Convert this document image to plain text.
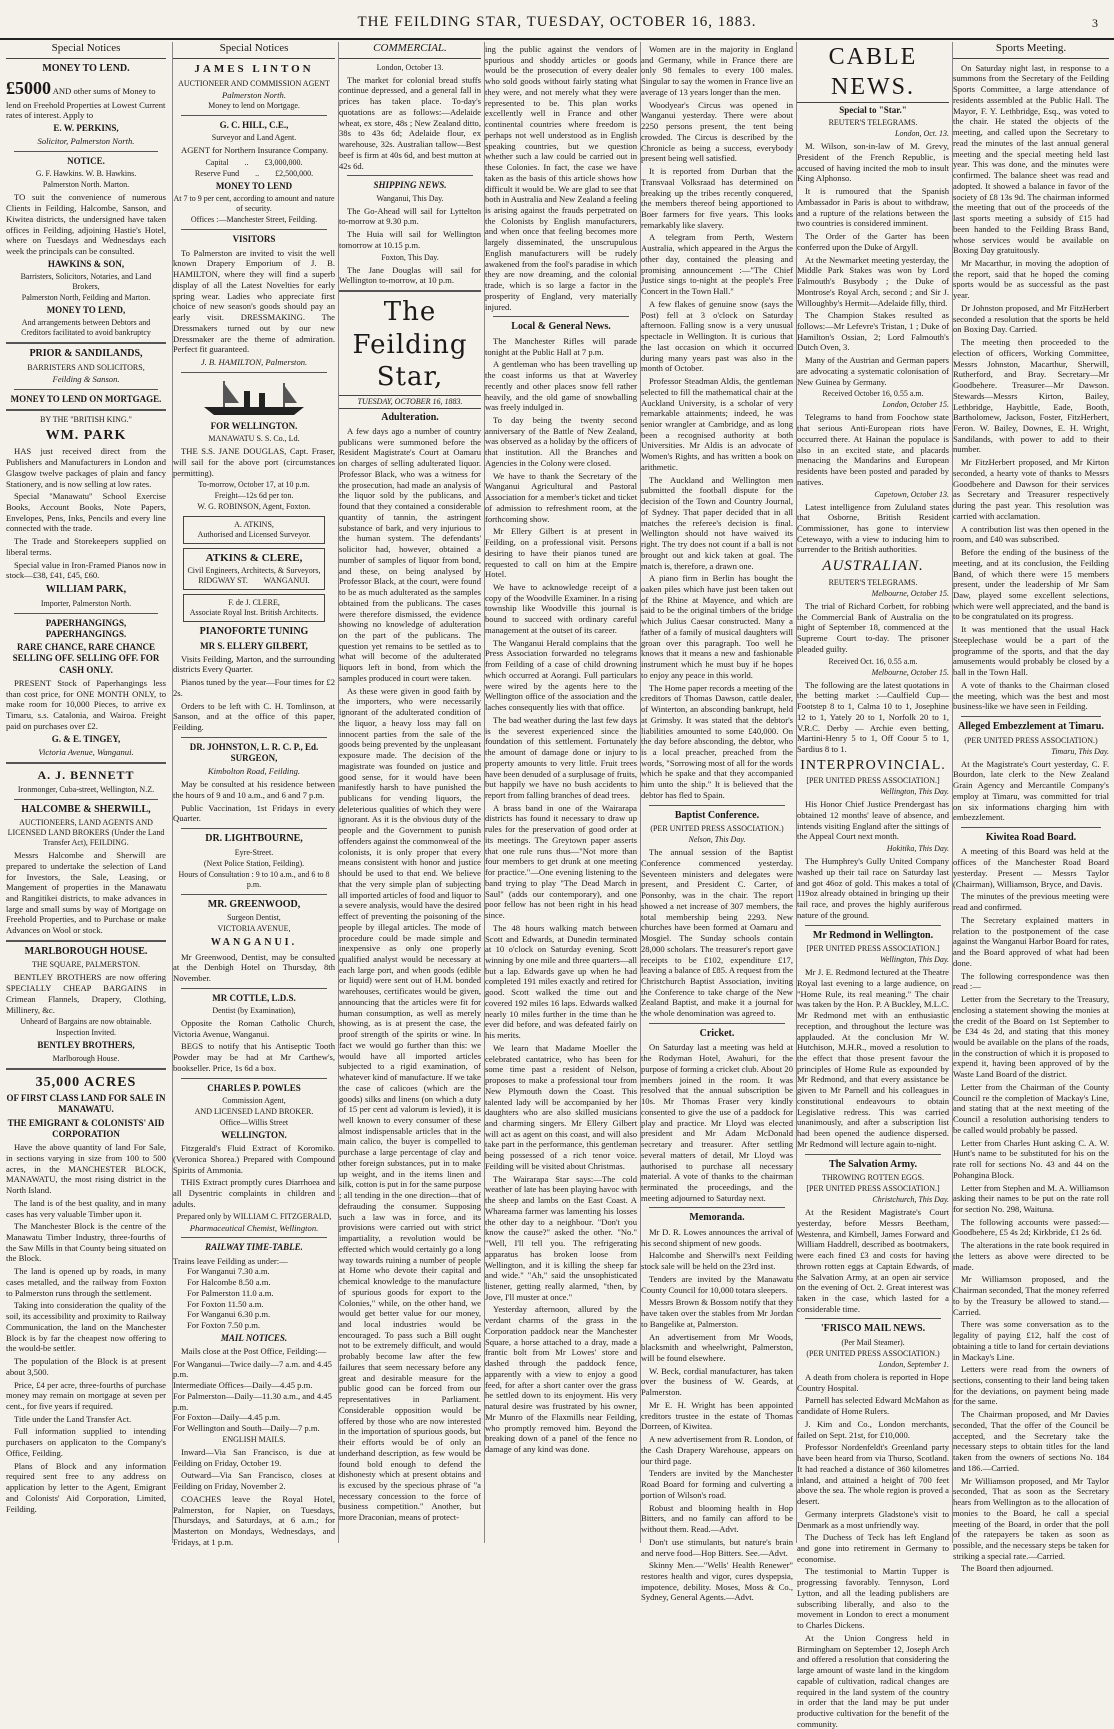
THE FEILDING STAR, TUESDAY, OCTOBER 16, 1883.	3
Special Notices
MONEY TO LEND.
£5000 AND other sums of Money to lend on Freehold Properties at Lowest Current rates of interest. Apply to
E. W. PERKINS,
Solicitor, Palmerston North.
NOTICE.
G. F. Hawkins. W. B. Hawkins.
Palmerston North. Marton.

TO suit the convenience of numerous Clients in Feilding, Halcombe, Sanson, and Kiwitea districts, the undersigned have taken offices in Feilding, adjoining Hastie's Hotel, where on Tuesdays and Wednesdays each week the principals can be consulted.

HAWKINS & SON,
Barristers, Solicitors, Notaries, and Land Brokers,
Palmerston North, Feilding and Marton.
MONEY TO LEND,
And arrangements between Debtors and Creditors facilitated to avoid bankruptcy
PRIOR & SANDILANDS,
BARRISTERS AND SOLICITORS,
Feilding & Sanson.
MONEY TO LEND ON MORTGAGE.
BY THE "BRITISH KING."
WM. PARK

HAS just received direct from the Publishers and Manufacturers in London and Glasgow twelve packages of plain and fancy Stationery, and is now selling at low rates.

Special "Manawatu" School Exercise Books, Account Books, Note Papers, Envelopes, Pens, Inks, Pencils and every line connected with the trade.

The Trade and Storekeepers supplied on liberal terms.

Special value in Iron-Framed Pianos now in stock—£38, £41, £45, £60.

WILLIAM PARK,
Importer, Palmerston North.
PAPERHANGINGS, PAPERHANGINGS.
RARE CHANCE, RARE CHANCE SELLING OFF. SELLING OFF. FOR CASH ONLY.

PRESENT Stock of Paperhangings less than cost price, for ONE MONTH ONLY, to make room for 10,000 Pieces, to arrive ex Timaru, s.s. Catalonia, and Wairoa. Freight paid on purchases over £2.

G. & E. TINGEY,
Victoria Avenue, Wanganui.
A. J. BENNETT
Ironmonger, Cuba-street, Wellington, N.Z.
HALCOMBE & SHERWILL,
AUCTIONEERS, LAND AGENTS AND LICENSED LAND BROKERS (Under the Land Transfer Act), FEILDING.

Messrs Halcombe and Sherwill are prepared to undertake the selection of Land for Investors, the Sale, Leasing, or Mangement of properties in the Manawatu and Rangitikei districts, to make advances in large and small sums by way of Mortgage on Freehold Properties, and to Purchase or make Advances on Wool or stock.

MARLBOROUGH HOUSE.
THE SQUARE, PALMERSTON.

BENTLEY BROTHERS are now offering SPECIALLY CHEAP BARGAINS in Crimean Flannels, Drapery, Clothing, Millinery, &c.

Unheard of Bargains are now obtainable.
Inspection Invited.
BENTLEY BROTHERS,
Marlborough House.
35,000 ACRES
OF FIRST CLASS LAND FOR SALE IN MANAWATU.
THE EMIGRANT & COLONISTS' AID CORPORATION

Have the above quantity of land For Sale, in sections varying in size from 100 to 500 acres, in the MANCHESTER BLOCK, MANAWATU, the most rising district in the North Island.

The land is of the best quality, and in many cases has very valuable Timber upon it.

The Manchester Block is the centre of the Manawatu Timber Industry, three-fourths of the Saw Mills in that County being situated on the Block.

The land is opened up by roads, in many cases metalled, and the railway from Foxton to Palmerston runs through the settlement.

Taking into consideration the quality of the soil, its accessibility and proximity to Railway Communication, the land on the Manchester Block is by far the cheapest now offering to the would-be settler.

The population of the Block is at present about 3,500.

Price, £4 per acre, three-fourths of purchase money may remain on mortgage at seven per cent., for five years if required.

Title under the Land Transfer Act.

Full information supplied to intending purchasers on applicaton to the Company's Office, Feilding.

Plans of Block and any information required sent free to any address on application by letter to the Agent, Emigrant and Colonists' Aid Corporation, Limited, Feilding.

Special Notices
JAMES LINTON
AUCTIONEER AND COMMISSION AGENT
Palmerston North.
Money to lend on Mortgage.
G. C. HILL, C.E.,
Surveyor and Land Agent.

AGENT for Northern Insurance Company.

Capital        ..        £3,000,000.
Reserve Fund        ..        £2,500,000.
MONEY TO LEND
At 7 to 9 per cent, according to amount and nature of security.
Offices :—Manchester Street, Feilding.
VISITORS

To Palmerston are invited to visit the well known Drapery Emporium of J. B. HAMILTON, where they will find a superb display of all the Latest Novelties for early spring wear. Ladies who appreciate first choice of new season's goods should pay an early visit. DRESSMAKING. The Dressmakers turned out by our new Dressmaker are the theme of admiration. Perfect fit guaranteed.

J. B. HAMILTON, Palmerston.
FOR WELLINGTON.
MANAWATU S. S. Co., Ld.

THE S.S. JANE DOUGLAS, Capt. Fraser, will sail for the above port (circumstances permitting).

To-morrow, October 17, at 10 p.m.
Freight—12s 6d per ton.
W. G. ROBINSON, Agent, Foxton.
A. ATKINS,
Authorised and Licensed Surveyor.
ATKINS & CLERE,
Civil Engineers, Architects, & Surveyors,
RIDGWAY ST.        WANGANUI.
F. de J. CLERE,
Associate Royal Inst. British Architects.
PIANOFORTE TUNING
MR S. ELLERY GILBERT,

Visits Feilding, Marton, and the surrounding districts Every Quarter.

Pianos tuned by the year—Four times for £2 2s.

Orders to be left with C. H. Tomlinson, at Sanson, and at the office of this paper, Feilding.

DR. JOHNSTON, L. R. C. P., Ed. SURGEON,
Kimbolton Road, Feilding.

May be consulted at his residence between the hours of 9 and 10 a.m., and 6 and 7 p.m.

Public Vaccination, 1st Fridays in every Quarter.

DR. LIGHTBOURNE,
Eyre-Street.
(Next Police Station, Feilding).
Hours of Consultation : 9 to 10 a.m., and 6 to 8 p.m.
MR. GREENWOOD,
Surgeon Dentist,
VICTORIA AVENUE,
WANGANUI.

Mr Greenwood, Dentist, may be consulted at the Denbigh Hotel on Thursday, 8th November.

MR COTTLE, L.D.S.
Dentist (by Examination),

Opposite the Roman Catholic Church, Victoria Avenue, Wanganui.

BEGS to notify that his Antiseptic Tooth Powder may be had at Mr Carthew's, bookseller. Price, 1s 6d a box.

CHARLES P. POWLES
Commission Agent,
AND LICENSED LAND BROKER.
Office—Willis Street
WELLINGTON.

Fitzgerald's Fluid Extract of Koromiko. (Veronica Shorea.) Prepared with Compound Spirits of Ammonia.

THIS Extract promptly cures Diarrhoea and all Dysentric complaints in children and adults.

Prepared only by WILLIAM C. FITZGERALD,
Pharmaceutical Chemist, Wellington.
RAILWAY TIME-TABLE.
Trains leave Feilding as under:—
For Wanganui 7.30 a.m.
For Halcombe 8.50 a.m.
For Palmerston 11.0 a.m.
For Foxton 11.50 a.m.
For Wanganui 6.30 p.m.
For Foxton 7.50 p.m.
MAIL NOTICES.

Mails close at the Post Office, Feilding:—

For Wanganui—Twice daily—7 a.m. and 4.45 p.m.
Intermediate Offices—Daily—4.45 p.m.
For Palmerston—Daily—11.30 a.m., and 4.45 p.m.
For Foxton—Daily—4.45 p.m.
For Wellington and South—Daily—7 p.m.
ENGLISH MAILS.

Inward—Via San Francisco, is due at Feilding on Friday, October 19.

Outward—Via San Francisco, closes at Feilding on Friday, November 2.

COACHES leave the Royal Hotel, Palmerston, for Napier, on Tuesdays, Thursdays, and Saturdays, at 6 a.m.; for Masterton on Mondays, Wednesdays, and Fridays, at 1 p.m.

COMMERCIAL.
London, October 13.

The market for colonial bread stuffs continue depressed, and a general fall in prices has taken place. To-day's quotations are as follows:—Adelaide wheat, ex store, 48s ; New Zealand ditto, 38s to 43s 6d; Adelaide flour, ex warehouse, 32s. Australian tallow—Best beef is firm at 40s 6d, and best mutton at 42s 6d.

SHIPPING NEWS.
Wanganui, This Day.

The Go-Ahead will sail for Lyttelton to-morrow at 9.30 p.m.

The Huia will sail for Wellington tomorrow at 10.15 p.m.

Foxton, This Day.

The Jane Douglas will sail for Wellington to-morrow, at 10 p.m.

The Feilding Star,
TUESDAY, OCTOBER 16, 1883.
Adulteration.

A few days ago a number of country publicans were summoned before the Resident Magistrate's Court at Oamaru on charges of selling adulterated liquor. Professor Black, who was a witness for the prosecution, had made an analysis of the liquor sold by the publicans, and found that they contained a considerable quantity of tannin, the astringent substance of bark, and very injurious to the human system. The defendants' solicitor had, however, obtained a number of samples of liquor from bond, and these, on being analysed by Professor Black, at the court, were found to be as much adulterated as the samples obtained from the publicans. The cases were therefore dismissed, the evidence showing no knowledge of adulteration on the part of the publicans. The question yet remains to be settled as to what will become of the adulterated liquors left in bond, from which the samples produced in court were taken.

As these were given in good faith by the importers, who were necessarily ignorant of the adulterated condition of the liquor, a heavy loss may fall on innocent parties from the sale of the goods being prevented by the unpleasant exposure made. The decision of the magistrate was founded on justice and good sense, for it would have been manifestly harsh to have punished the publicans for vending liquors, the deleterious qualities of which they were ignorant. As it is the obvious duty of the people and the Government to punish offenders against the commonweal of the colonists, it is only proper that every means consistent with honor and justice should be used to that end. We believe that the very simple plan of subjecting all imported articles of food and liquor to a severe analysis, would have the desired effect of preventing the poisoning of the people by illegal articles. The mode of procedure could be made simple and inexpensive as only one properly qualified analyst would be necessary at each large port, and when goods (edible or liquid) were sent out of H.M. bonded warehouses, certificates would be given, announcing that the articles were fit for human consumption, as well as merely showing, as is at present the case, the proof strength of the spirits or wine. In fact we would go further than this: we would have all imported articles subjected to a rigid examination, of whatever kind of manufacture. If we take the case of calicoes (which are the goods) silks and linens (on which a duty of 15 per cent ad valorum is levied), it is well known to every consumer of these almost indispensable articles that in the main calico, the buyer is compelled to purchase a large percentage of clay and other foreign substances, put in to make up weight, and in the items linen and silk, cotton is put in for the same purpose ; all tending in the one direction—that of defrauding the consumer. Supposing such a law was in force, and its provisions were carried out with strict impartiality, a revolution would be effected which would certainly go a long way towards ruining a number of people at Home who devote their capital and chemical knowledge to the manufacture of spurious goods for export to the Colonies," while, on the other hand, we would get better value for our money, and local industries would be encouraged. To pass such a Bill ought not to be extremely difficult, and would probably become law after the few failures that seem necessary before any great and desirable measure for the public good can be forced from our representatives in Parliament. Considerable opposition would be offered by those who are now interested in the importation of spurious goods, but their efforts would be of only an underhand description, as few would be found bold enough to defend the dishonesty which at present obtains and is excused by the specious phrase of "a necessary concession to the force of business competition." Another, but more Draconian, means of protect-

ing the public against the vendors of spurious and shoddy articles or goods would be the prosecution of every dealer who sold goods without fairly stating what they were, and not merely what they were represented to be. This plan works excellently well in France and other continental countries where freedom is perhaps not well understood as in English speaking countries, but we question whether such a law could be carried out in these Colonies. In fact, the case we have taken as the basis of this article shows how difficult it would be. We are glad to see that both in Australia and New Zealand a feeling is arising against the frauds perpetrated on the Colonists by English manufacturers, and when once that feeling becomes more largely disseminated, the unscrupulous English manufacturers will be rudely awakened from the fool's paradise in which they are now dreaming, and the colonial trade, which is so large a factor in the prosperity of England, very materially injured.

Local & General News.

The Manchester Rifles will parade tonight at the Public Hall at 7 p.m.

A gentleman who has been travelling up the coast informs us that at Waverley recently and other places snow fell rather heavily, and the old game of snowballing was freely indulged in.

To day being the twenty second anniversary of the Battle of New Zealand, was observed as a holiday by the officers of that institution. All the Branches and Agencies in the Colony were closed.

We have to thank the Secretary of the Wanganui Agricultural and Pastoral Association for a member's ticket and ticket of admission to refreshment room, at the forthcoming show.

Mr Ellery Gilbert is at present in Feilding, on a professional visit. Persons desiring to have their pianos tuned are requested to call on him at the Empire Hotel.

We have to acknowledge receipt of a copy of the Woodville Examiner. In a rising township like Woodville this journal is bound to succeed with ordinary careful management at the outset of its career.

The Wanganui Herald complains that the Press Association forwarded no telegrams from Feilding of a case of child drowning which occurred at Aorangi. Full particulars were wired by the agents here to the Wellington office of the association and the laches consequently lies with that office.

The bad weather during the last few days is the severest experienced since the foundation of this settlement. Fortunately the amount of damage done or injury to property amounts to very little. Fruit trees have been denuded of a surplusage of fruits, but happily we have no bush accidents to report from falling branches of dead trees.

A brass band in one of the Wairarapa districts has found it necessary to draw up rules for the preservation of good order at its meetings. The Greytown paper asserts that one rule runs thus—"Not more than four members to get drunk at one meeting for practice."—One evening listening to the band trying to play "The Dead March in Saul" (adds our contemporary), and one poor fellow has not been right in his head since.

The 48 hours walking match between Scott and Edwards, at Dunedin terminated at 10 o'clock on Saturday evening. Scott winning by one mile and three quarters—all but a lap. Edwards gave up when he had completed 191 miles exactly and retired for good. Scott walked the time out and covered 192 miles 16 laps. Edwards walked nearly 10 miles further in the time than he ever did before, and was defeated fairly on his merits.

We learn that Madame Moeller the celebrated cantatrice, who has been for some time past a resident of Nelson, proposes to make a professional tour from New Plymouth down the Coast. This talented lady will be accompanied by her daughters who are also skilled musicians and charming singers. Mr Ellery Gilbert will act as agent on this coast, and will also take part in the performance, this gentleman being possessed of a rich tenor voice. Feilding will be visited about Christmas.

The Wairarapa Star says:—The cold weather of late has been playing havoc with the sheep and lambs on the East Coast. A Whareama farmer was lamenting his losses the other day to a neighbour. "Don't you know the cause?" asked the other. "No." "Well, I'll tell you. The refrigerating apparatus has broken loose from Wellington, and it is killing the sheep far and wide." "Ah," said the unsophisticated listener, getting really alarmed, "then, by Jove, I'll muster at once."

Yesterday afternoon, allured by the verdant charms of the grass in the Corporation paddock near the Manchester Square, a horse attached to a dray, made a frantic bolt from Mr Lowes' store and dashed through the paddock fence, apparently with a view to enjoy a good feed, for after a short canter over the grass he settled down to its enjoyment. His very natural desire was frustrated by his owner, Mr Munro of the Flaxmills near Feilding, who promptly removed him. Beyond the breaking down of a panel of the fence no damage of any kind was done.

Women are in the majority in England and Germany, while in France there are only 98 females to every 100 males. Singular to say the women in France live an average of 13 years longer than the men.

Woodyear's Circus was opened in Wanganui yesterday. There were about 2250 persons present, the tent being crowded. The Circus is described by the Chronicle as being a success, everybody present being well satisfied.

It is reported from Durban that the Transvaal Volksraad has determined on breaking up the tribes recently conquered, the members thereof being apportioned to Boer farmers for five years. This looks remarkably like slavery.

A telegram from Perth, Western Australia, which appeared in the Argus the other day, contained the pleasing and promising announcement :—"The Chief Justice sings to-night at the people's Free Concert in the Town Hall."

A few flakes of genuine snow (says the Post) fell at 3 o'clock on Saturday afternoon. Falling snow is a very unusual spectacle in Wellington. It is curious that the last occasion on which it occurred during many years past was also in the month of October.

Professor Steadman Aldis, the gentleman selected to fill the mathematical chair at the Auckland University, is a scholar of very remarkable attainments; indeed, he was senior wrangler at Cambridge, and as long been a recognised authority at both Universities. Mr Aldis is an advocate of Women's Rights, and has written a book on arithmetic.

The Auckland and Wellington men submitted the football dispute for the decision of the Town and Country Journal, of Sydney. That paper decided that in all matches the referee's decision is final. Wellington should not have waived its right. The try does not count if a ball is not brought out and kick taken at goal. The match is, therefore, a drawn one.

A piano firm in Berlin has bought the oaken piles which have just been taken out of the Rhine at Mayence, and which are said to be the original timbers of the bridge which Julius Caesar constructed. Many a father of a family of musical daughters will groan over this paragraph. Too well he knows that it means a new and fashionable instrument which he must buy if he hopes to enjoy any peace in this world.

The Home paper records a meeting of the creditors of Thomas Dawson, cattle dealer, of Winterton, an absconding bankrupt, held at Grimsby. It was stated that the debtor's liabilities amounted to some £40,000. On the day before absconding, the debtor, who is a local preacher, preached from the words, "Sorrowing most of all for the words which he spake and that they accompanied him unto the ship." It is believed that the debtor has fled to Spain.

Baptist Conference.
(PER UNITED PRESS ASSOCIATION.)
Nelson, This Day.

The annual session of the Baptist Conference commenced yesterday. Seventeen ministers and delegates were present, and President C. Carter, of Ponsonby, was in the chair. The report showed a net increase of 307 members, the total membership being 2293. New churches have been formed at Oamaru and Mosgiel. The Sunday schools contain 28,000 scholars. The treasurer's report gave receipts to be £102, expenditure £17, leaving a balance of £85. A request from the Christchurch Baptist Association, inviting the Conference to take charge of the New Zealand Baptist, and make it a journal for the whole denomination was agreed to.

Cricket.

On Saturday last a meeting was held at the Rodyman Hotel, Awahuri, for the purpose of forming a cricket club. About 20 members joined in the room. It was resolved that the annual subscription be 10s. Mr Thomas Fraser very kindly consented to give the use of a paddock for play and practice. Mr Lloyd was elected president and Mr Adam McDonald secretary and treasurer. After settling several matters of detail, Mr Lloyd was authorised to purchase all necessary material. A vote of thanks to the chairman terminated the proceedings, and the meeting adjourned to Saturday next.

Memoranda.

Mr D. R. Lowes announces the arrival of his second shipment of new goods.

Halcombe and Sherwill's next Feilding stock sale will be held on the 23rd inst.

Tenders are invited by the Manawatu County Council for 10,000 totara sleepers.

Messrs Brown & Bossom notify that they have taken over the stables from Mr Jordan to Bangelike at, Palmerston.

An advertisement from Mr Woods, blacksmith and wheelwright, Palmerston, will be found elsewhere.

W. Beck, cordial manufacturer, has taken over the business of W. Geards, at Palmerston.

Mr E. H. Wright has been appointed creditors trustee in the estate of Thomas Dorreen, of Kiwitea.

A new advertisement from R. London, of the Cash Drapery Warehouse, appears on our third page.

Tenders are invited by the Manchester Road Board for forming and culverting a portion of Wilson's road.

Robust and blooming health in Hop Bitters, and no family can afford to be without them. Read.—Advt.

Don't use stimulants, but nature's brain and nerve food—Hop Bitters. See.—Advt.

Skinny Men.—"Wells' Health Renewer" restores health and vigor, cures dyspepsia, impotence, debility. Moses, Moss & Co., Sydney, General Agents.—Advt.

CABLE NEWS.
Special to "Star."
REUTER'S TELEGRAMS.
London, Oct. 13.

M. Wilson, son-in-law of M. Grevy, President of the French Republic, is accused of having incited the mob to insult King Alphonso.

It is rumoured that the Spanish Ambassador in Paris is about to withdraw, and a rupture of the relations between the two countries is considered imminent.

The Order of the Garter has been conferred upon the Duke of Argyll.

At the Newmarket meeting yesterday, the Middle Park Stakes was won by Lord Falmouth's Busybody ; the Duke of Montrose's Royal Arch, second ; and Sir J. Willoughby's Hermit—Adelaide filly, third.

The Champion Stakes resulted as follows:—Mr Lefevre's Tristan, 1 ; Duke of Hamilton's Ossian, 2; Lord Falmouth's Dutch Oven, 3.

Many of the Austrian and German papers are advocating a systematic colonisation of New Guinea by Germany.

Received October 16, 0.55 a.m.
London, October 15.

Telegrams to hand from Foochow state that serious Anti-European riots have occurred there. At Hainan the populace is also in an excited state, and placards menacing the Mandarins and European residents have been posted and paraded by natives.

Capetown, October 13.

Latest intelligence from Zululand states that Osborne, British Resident Commissioner, has gone to interview Cetewayo, with a view to inducing him to surrender to the British authorities.

AUSTRALIAN.
REUTER'S TELEGRAMS.
Melbourne, October 15.

The trial of Richard Corbett, for robbing the Commercial Bank of Australia on the night of September 18, commenced at the Supreme Court to-day. The prisoner pleaded guilty.

Received Oct. 16, 0.55 a.m.
Melbourne, October 15.

The following are the latest quotations in the betting market :—Caulfield Cup—Footstep 8 to 1, Calma 10 to 1, Josephine 12 to 1, Yately 20 to 1, Norfolk 20 to 1, V.R.C. Derby — Archie even betting, Martini-Henry 5 to 1, Off Coour 5 to 1, Sardius 8 to 1.

INTERPROVINCIAL.
[PER UNITED PRESS ASSOCIATION.]
Wellington, This Day.

His Honor Chief Justice Prendergast has obtained 12 months' leave of absence, and intends visiting England after the sittings of the Appeal Court next month.

Hokitika, This Day.

The Humphrey's Gully United Company washed up their tail race on Saturday last and got 46oz of gold. This makes a total of 119oz already obtained in bringing up their tail race, and proves the highly auriferous nature of the ground.

Mr Redmond in Wellington.
[PER UNITED PRESS ASSOCIATION.]
Wellington, This Day.

Mr J. E. Redmond lectured at the Theatre Royal last evening to a large audience, on "Home Rule, its real meaning." The chair was taken by the Hon. P. A Buckley, M.L.C. Mr Redmond met with an enthusiastic reception, and throughout the lecture was applauded. At the conclusion Mr W. Hutchison, M.H.R., moved a resolution to the effect that those present favour the principles of Home Rule as expounded by Mr Redmond, and that every assistance be given to Mr Parnell and his colleagues in constitutional endeavours to obtain Legislative redress. This was carried unanimously, and after a subscription list had been opened the audience dispersed. Mr Redmond will lecture again to-night.

The Salvation Army.
THROWING ROTTEN EGGS.
[PER UNITED PRESS ASSOCIATION.]
Christchurch, This Day.

At the Resident Magistrate's Court yesterday, before Messrs Beetham, Westenra, and Kimbell, James Forward and William Haddrell, described as bootmakers, were each fined £3 and costs for having thrown rotten eggs at Captain Edwards, of the Salvation Army, at an open air service on the evening of Oct. 2. Great interest was taken in the case, which lasted for a considerable time.

'FRISCO MAIL NEWS.
(Per Mail Steamer).
(PER UNITED PRESS ASSOCIATION.)
London, September 1.

A death from cholera is reported in Hope Country Hospital.

Parnell has selected Edward McMahon as candidate of Home Rulers.

J. Kim and Co., London merchants, failed on Sept. 21st, for £10,000.

Professor Nordenfeldt's Greenland party have been heard from via Thurso, Scotland. It had reached a distance of 360 kilometres inland, and attained a height of 700 feet above the sea. The whole region is proved a desert.

Germany interprets Gladstone's visit to Denmark as a most unfriendly way.

The Duchess of Teck has left England and gone into retirement in Germany to economise.

The testimonial to Martin Tupper is progressing favorably. Tennyson, Lord Lytton, and all the leading publishers are subscribing liberally, and also to the movement in London to erect a monument to Charles Dickens.

At the Union Congress held in Birmingham on September 12, Joseph Arch and offered a resolution that considering the large amount of waste land in the kingdom capable of cultivation, radical changes are required in the land system of the country in order that the land may be put under productive cultivation for the benefit of the community.

Sports Meeting.

On Saturday night last, in response to a summons from the Secretary of the Feilding Sports Committee, a large attendance of residents assembled at the Public Hall. The Mayor, F. Y. Lethbridge, Esq., was voted to the chair. He stated the objects of the meeting, and called upon the Secretary to read the minutes of the last annual general meeting and the special meeting held last year. This was done, and the minutes were confirmed. The balance sheet was read and adopted. It showed a balance in favor of the society of £8 13s 9d. The chairman informed the meeting that out of the proceeds of the last sports meeting a subsidy of £15 had been handed to the Feilding Brass Band, whose services would be available on Boxing Day gratuitously.

Mr Macarthur, in moving the adoption of the report, said that he hoped the coming sports would be as successful as the past year.

Dr Johnston proposed, and Mr FitzHerbert seconded a resolution that the sports be held on Boxing Day. Carried.

The meeting then proceeded to the election of officers, Working Committee, Messrs Johnston, Macarthur, Sherwill, Rutherford, and Bray. Secretary—Mr Goodbehere. Treasurer—Mr Dawson. Stewards—Messrs Kirton, Bailey, Lethbridge, Haybittle, Eade, Booth, Bartholomew, Jackson, Foster, FitzHerbert, Feron. W. Bailey, Downes, E. H. Wright, Sandilands, with power to add to their number.

Mr FitzHerbert proposed, and Mr Kirton seconded, a hearty vote of thanks to Messrs Goodbehere and Dawson for their services as Secretary and Treasurer respectively during the past year. This resolution was carried with acclamation.

A contribution list was then opened in the room, and £40 was subscribed.

Before the ending of the business of the meeting, and at its conclusion, the Feilding Band, of which there were 15 members present, under the leadership of Mr Sam Daw, played some excellent selections, which were well appreciated, and the band is to be congratulated on its progress.

It was mentioned that the usual Hack Steeplechase would be a part of the programme of the sports, and that the day amusements would probably be closed by a ball in the Town Hall.

A vote of thanks to the Chairman closed the meeting, which was the best and most business-like we have seen in Feilding.

Alleged Embezzlement at Timaru.
(PER UNITED PRESS ASSOCIATION.)
Timaru, This Day.

At the Magistrate's Court yesterday, C. F. Bourdon, late clerk to the New Zealand Grain Agency and Mercantile Company's employ at Timaru, was committed for trial on six informations charging him with embezzlement.

Kiwitea Road Board.

A meeting of this Board was held at the offices of the Manchester Road Board yesterday. Present — Messrs Taylor (Chairman), Williamson, Bryce, and Davis.

The minutes of the previous meeting were read and confirmed.

The Secretary explained matters in relation to the postponement of the case against the Wanganui Harbor Board for rates, and the Board approved of what had been done.

The following correspondence was then read :—

Letter from the Secretary to the Treasury, enclosing a statement showing the monies at the credit of the Board on 1st September to be £34 4s 2d, and stating that this money would be available on the plans of the roads, in the construction of which it is proposed to expend it, having been approved of by the Waste Land Board of the district.

Letter from the Chairman of the County Council re the completion of Mackay's Line, and stating that at the next meeting of the Council a resolution authorising tenders to be called would probably be passed.

Letter from Charles Hunt asking C. A. W. Hunt's name to be substituted for his on the rate roll for sections No. 43 and 44 on the Pohangina Block.

Letter from Stephen and M. A. Williamson asking their names to be put on the rate roll for section No. 298, Waituna.

The following accounts were passed:—Goodbehere, £5 4s 2d; Kirkbride, £1 2s 6d.

The alterations in the rate book required in the letters as above were directed to be made.

Mr Williamson proposed, and the Chairman seconded, That the money referred to by the Treasury be allowed to stand.—Carried.

There was some conversation as to the legality of paying £12, half the cost of obtaining a title to land for certain deviations in Mackay's Line.

Letters were read from the owners of sections, consenting to their land being taken for the deviations, on payment being made for the same.

The Chairman proposed, and Mr Davies seconded, That the offer of the Council be accepted, and the Secretary take the necessary steps to obtain titles for the land taken from the owners of sections No. 184 and 186.—Carried.

Mr Williamson proposed, and Mr Taylor seconded, That as soon as the Secretary hears from Wellington as to the allocation of monies to the Board, he call a special meeting of the Board, in order that the poll of the ratepayers be taken as soon as possible, and the necessary steps be taken for striking a special rate.—Carried.

The Board then adjourned.
